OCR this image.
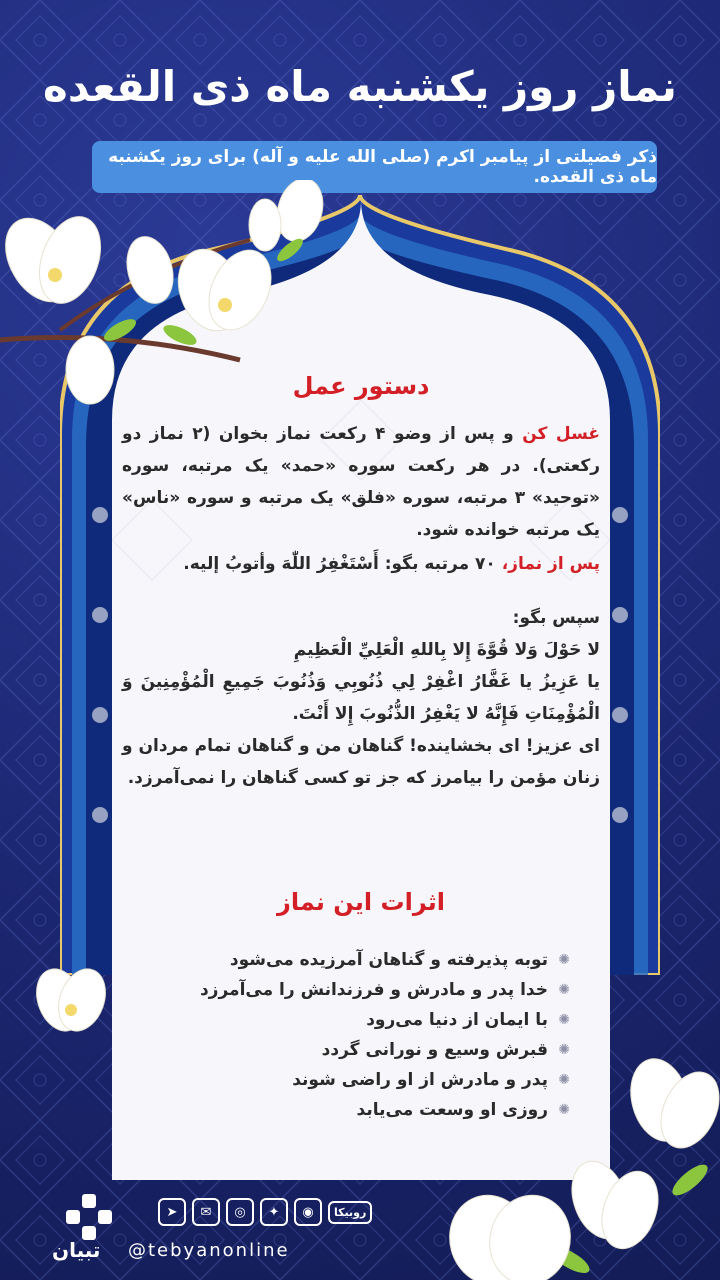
نماز روز یکشنبه ماه ذی القعده
ذکر فضیلتی از پیامبر اکرم (صلی الله علیه و آله) برای روز یکشنبه ماه ذی القعده.
دستور عمل

غسل کن و پس از وضو ۴ رکعت نماز بخوان (۲ نماز دو رکعتی). در هر رکعت سوره «حمد» یک مرتبه، سوره «توحید» ۳ مرتبه، سوره «فلق» یک مرتبه و سوره «ناس» یک مرتبه خوانده شود.

پس از نماز، ۷۰ مرتبه بگو: أَسْتَغْفِرُ اللّٰهَ وأتوبُ إليه.

سپس بگو:

لا حَوْلَ وَلا قُوَّةَ إِلا بِاللهِ الْعَلِيِّ الْعَظِيمِ

یا عَزِیزُ یا غَفَّارُ اغْفِرْ لِي ذُنُوبِي وَذُنُوبَ جَمِیعِ الْمُؤْمِنِینَ وَ الْمُؤْمِنَاتِ فَإِنَّهُ لا یَغْفِرُ الذُّنُوبَ إِلا أَنْتَ.

ای عزیز! ای بخشاینده! گناهان من و گناهان تمام مردان و زنان مؤمن را بیامرز که جز تو کسی گناهان را نمی‌آمرزد.

اثرات این نماز
✺
توبه پذیرفته و گناهان آمرزیده می‌شود
✺
خدا پدر و مادرش و فرزندانش را می‌آمرزد
✺
با ایمان از دنیا می‌رود
✺
قبرش وسیع و نورانی گردد
✺
پدر و مادرش از او راضی شوند
✺
روزی او وسعت می‌یابد
تبیان
➤	✉	◎	✦	◉	روبیکا
@tebyanonline
